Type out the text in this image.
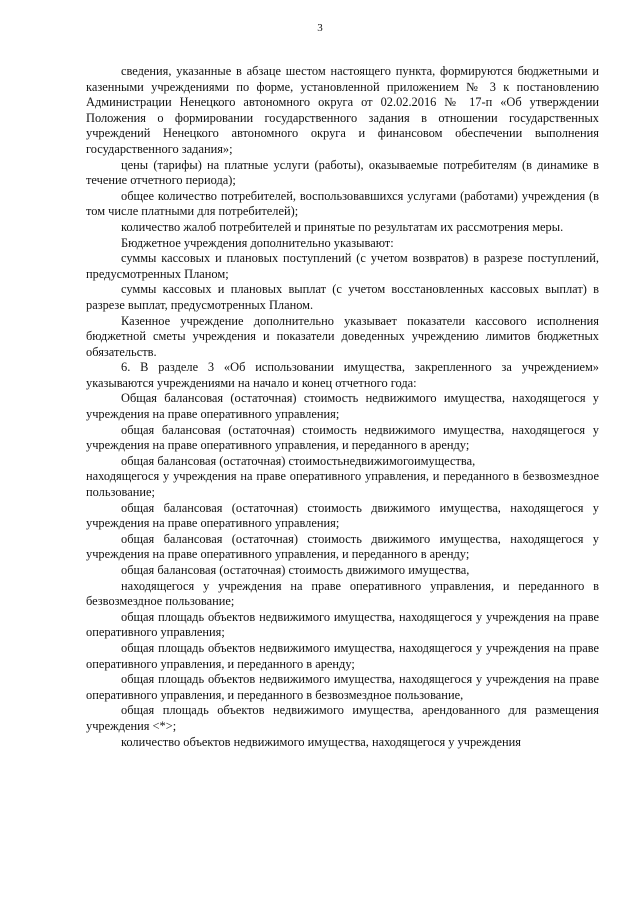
3

сведения, указанные в абзаце шестом настоящего пункта, формируются бюджетными и казенными учреждениями по форме, установленной приложением № 3 к постановлению Администрации Ненецкого автономного округа от 02.02.2016 № 17-п «Об утверждении Положения о формировании государственного задания в отношении государственных учреждений Ненецкого автономного округа и финансовом обеспечении выполнения государственного задания»;

цены (тарифы) на платные услуги (работы), оказываемые потребителям (в динамике в течение отчетного периода);

общее количество потребителей, воспользовавшихся услугами (работами) учреждения (в том числе платными для потребителей);

количество жалоб потребителей и принятые по результатам их рассмотрения меры.

Бюджетное учреждения дополнительно указывают:

суммы кассовых и плановых поступлений (с учетом возвратов) в разрезе поступлений, предусмотренных Планом;

суммы кассовых и плановых выплат (с учетом восстановленных кассовых выплат) в разрезе выплат, предусмотренных Планом.

Казенное учреждение дополнительно указывает показатели кассового исполнения бюджетной сметы учреждения и показатели доведенных учреждению лимитов бюджетных обязательств.

6. В разделе 3 «Об использовании имущества, закрепленного за учреждением» указываются учреждениями на начало и конец отчетного года:

Общая балансовая (остаточная) стоимость недвижимого имущества, находящегося у учреждения на праве оперативного управления;

общая балансовая (остаточная) стоимость недвижимого имущества, находящегося у учреждения на праве оперативного управления, и переданного в аренду;

общая балансовая (остаточная) стоимостьнедвижимогоимущества,

находящегося у учреждения на праве оперативного управления, и переданного в безвозмездное пользование;

общая балансовая (остаточная) стоимость движимого имущества, находящегося у учреждения на праве оперативного управления;

общая балансовая (остаточная) стоимость движимого имущества, находящегося у учреждения на праве оперативного управления, и переданного в аренду;

общая балансовая (остаточная) стоимость движимого имущества,

находящегося у учреждения на праве оперативного управления, и переданного в безвозмездное пользование;

общая площадь объектов недвижимого имущества, находящегося у учреждения на праве оперативного управления;

общая площадь объектов недвижимого имущества, находящегося у учреждения на праве оперативного управления, и переданного в аренду;

общая площадь объектов недвижимого имущества, находящегося у учреждения на праве оперативного управления, и переданного в безвозмездное пользование,

общая площадь объектов недвижимого имущества, арендованного для размещения учреждения <*>;

количество объектов недвижимого имущества, находящегося у учреждения
